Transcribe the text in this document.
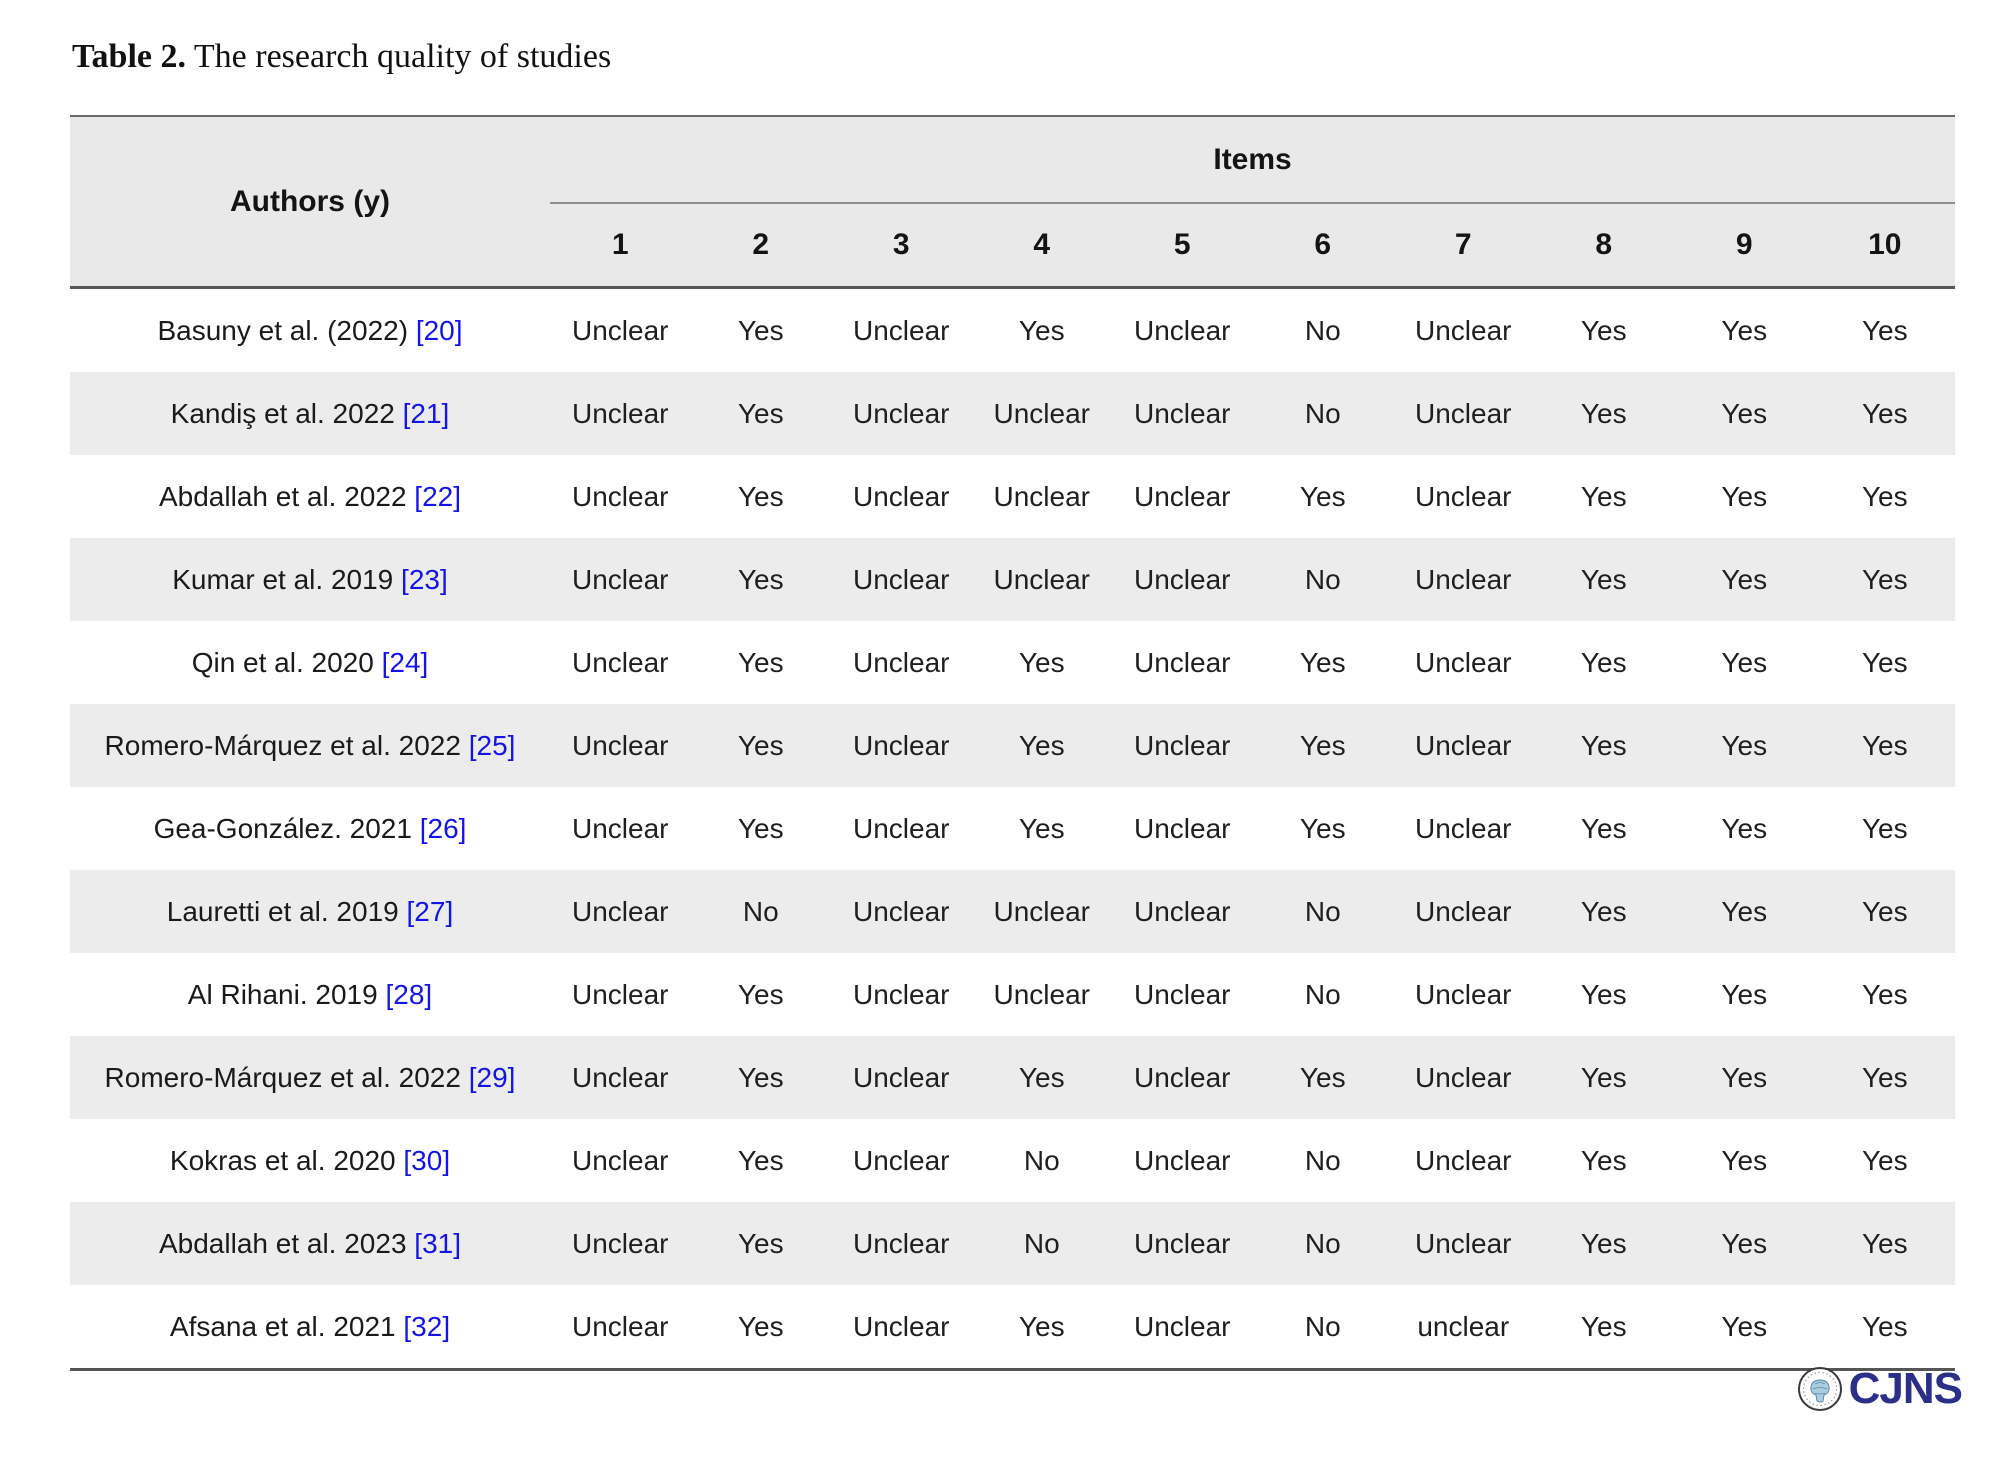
Table 2. The research quality of studies
Authors (y)	Items									
	1	2	3	4	5	6	7	8	9	10
Basuny et al. (2022) [20]	Unclear	Yes	Unclear	Yes	Unclear	No	Unclear	Yes	Yes	Yes
Kandiş et al. 2022 [21]	Unclear	Yes	Unclear	Unclear	Unclear	No	Unclear	Yes	Yes	Yes
Abdallah et al. 2022 [22]	Unclear	Yes	Unclear	Unclear	Unclear	Yes	Unclear	Yes	Yes	Yes
Kumar et al. 2019 [23]	Unclear	Yes	Unclear	Unclear	Unclear	No	Unclear	Yes	Yes	Yes
Qin et al. 2020 [24]	Unclear	Yes	Unclear	Yes	Unclear	Yes	Unclear	Yes	Yes	Yes
Romero-Márquez et al. 2022 [25]	Unclear	Yes	Unclear	Yes	Unclear	Yes	Unclear	Yes	Yes	Yes
Gea-González. 2021 [26]	Unclear	Yes	Unclear	Yes	Unclear	Yes	Unclear	Yes	Yes	Yes
Lauretti et al. 2019 [27]	Unclear	No	Unclear	Unclear	Unclear	No	Unclear	Yes	Yes	Yes
Al Rihani. 2019 [28]	Unclear	Yes	Unclear	Unclear	Unclear	No	Unclear	Yes	Yes	Yes
Romero-Márquez et al. 2022 [29]	Unclear	Yes	Unclear	Yes	Unclear	Yes	Unclear	Yes	Yes	Yes
Kokras et al. 2020 [30]	Unclear	Yes	Unclear	No	Unclear	No	Unclear	Yes	Yes	Yes
Abdallah et al. 2023 [31]	Unclear	Yes	Unclear	No	Unclear	No	Unclear	Yes	Yes	Yes
Afsana et al. 2021 [32]	Unclear	Yes	Unclear	Yes	Unclear	No	unclear	Yes	Yes	Yes
CJNS
